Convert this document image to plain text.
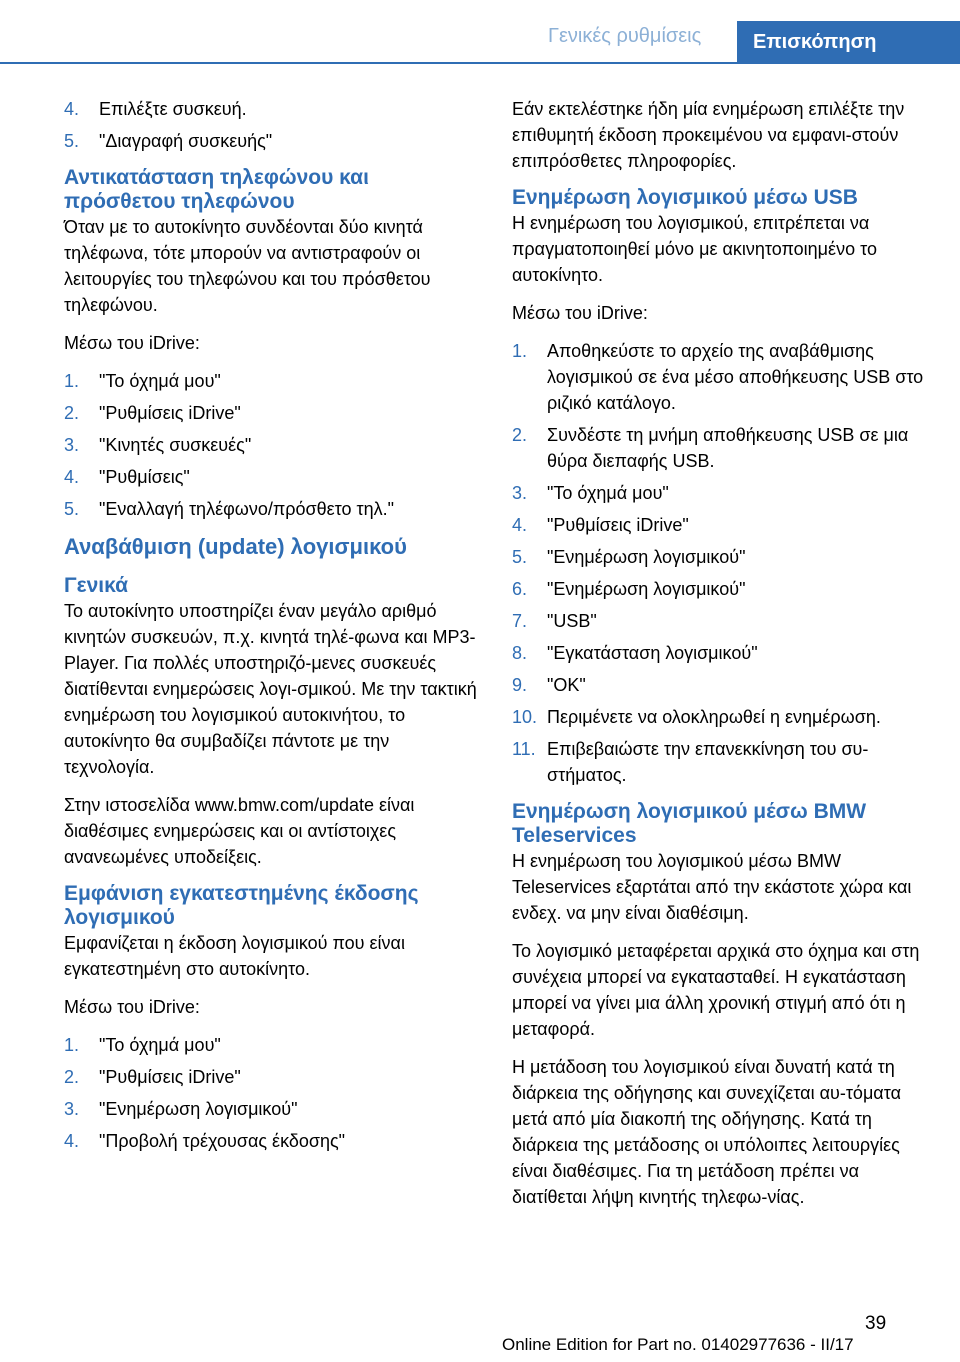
Γενικές ρυθμίσεις	Επισκόπηση
4. Επιλέξτε συσκευή.
5. "Διαγραφή συσκευής"
Αντικατάσταση τηλεφώνου και πρόσθετου τηλεφώνου

Όταν με το αυτοκίνητο συνδέονται δύο κινητά τηλέφωνα, τότε μπορούν να αντιστραφούν οι λειτουργίες του τηλεφώνου και του πρόσθετου τηλεφώνου.

Μέσω του iDrive:

1. "Το όχημά μου"
2. "Ρυθμίσεις iDrive"
3. "Κινητές συσκευές"
4. "Ρυθμίσεις"
5. "Εναλλαγή τηλέφωνο/πρόσθετο τηλ."
Αναβάθμιση (update) λογισμικού
Γενικά

Το αυτοκίνητο υποστηρίζει έναν μεγάλο αριθμό κινητών συσκευών, π.χ. κινητά τηλέ-φωνα και MP3-Player. Για πολλές υποστηριζό-μενες συσκευές διατίθενται ενημερώσεις λογι-σμικού. Με την τακτική ενημέρωση του λογισμικού αυτοκινήτου, το αυτοκίνητο θα συμβαδίζει πάντοτε με την τεχνολογία.

Στην ιστοσελίδα www.bmw.com/update είναι διαθέσιμες ενημερώσεις και οι αντίστοιχες ανανεωμένες υποδείξεις.

Εμφάνιση εγκατεστημένης έκδοσης λογισμικού

Εμφανίζεται η έκδοση λογισμικού που είναι εγκατεστημένη στο αυτοκίνητο.

Μέσω του iDrive:

1. "Το όχημά μου"
2. "Ρυθμίσεις iDrive"
3. "Ενημέρωση λογισμικού"
4. "Προβολή τρέχουσας έκδοσης"

Εάν εκτελέστηκε ήδη μία ενημέρωση επιλέξτε την επιθυμητή έκδοση προκειμένου να εμφανι-στούν επιπρόσθετες πληροφορίες.

Ενημέρωση λογισμικού μέσω USB

Η ενημέρωση του λογισμικού, επιτρέπεται να πραγματοποιηθεί μόνο με ακινητοποιημένο το αυτοκίνητο.

Μέσω του iDrive:

1. Αποθηκεύστε το αρχείο της αναβάθμισης λογισμικού σε ένα μέσο αποθήκευσης USB στο ριζικό κατάλογο.
2. Συνδέστε τη μνήμη αποθήκευσης USB σε μια θύρα διεπαφής USB.
3. "Το όχημά μου"
4. "Ρυθμίσεις iDrive"
5. "Ενημέρωση λογισμικού"
6. "Ενημέρωση λογισμικού"
7. "USB"
8. "Εγκατάσταση λογισμικού"
9. "OK"
10. Περιμένετε να ολοκληρωθεί η ενημέρωση.
11. Επιβεβαιώστε την επανεκκίνηση του συ-στήματος.
Ενημέρωση λογισμικού μέσω BMW Teleservices

Η ενημέρωση του λογισμικού μέσω BMW Teleservices εξαρτάται από την εκάστοτε χώρα και ενδεχ. να μην είναι διαθέσιμη.

Το λογισμικό μεταφέρεται αρχικά στο όχημα και στη συνέχεια μπορεί να εγκατασταθεί. Η εγκατάσταση μπορεί να γίνει μια άλλη χρονική στιγμή από ότι η μεταφορά.

Η μετάδοση του λογισμικού είναι δυνατή κατά τη διάρκεια της οδήγησης και συνεχίζεται αυ-τόματα μετά από μία διακοπή της οδήγησης. Κατά τη διάρκεια της μετάδοσης οι υπόλοιπες λειτουργίες είναι διαθέσιμες. Για τη μετάδοση πρέπει να διατίθεται λήψη κινητής τηλεφω-νίας.

39
Online Edition for Part no. 01402977636 - II/17
